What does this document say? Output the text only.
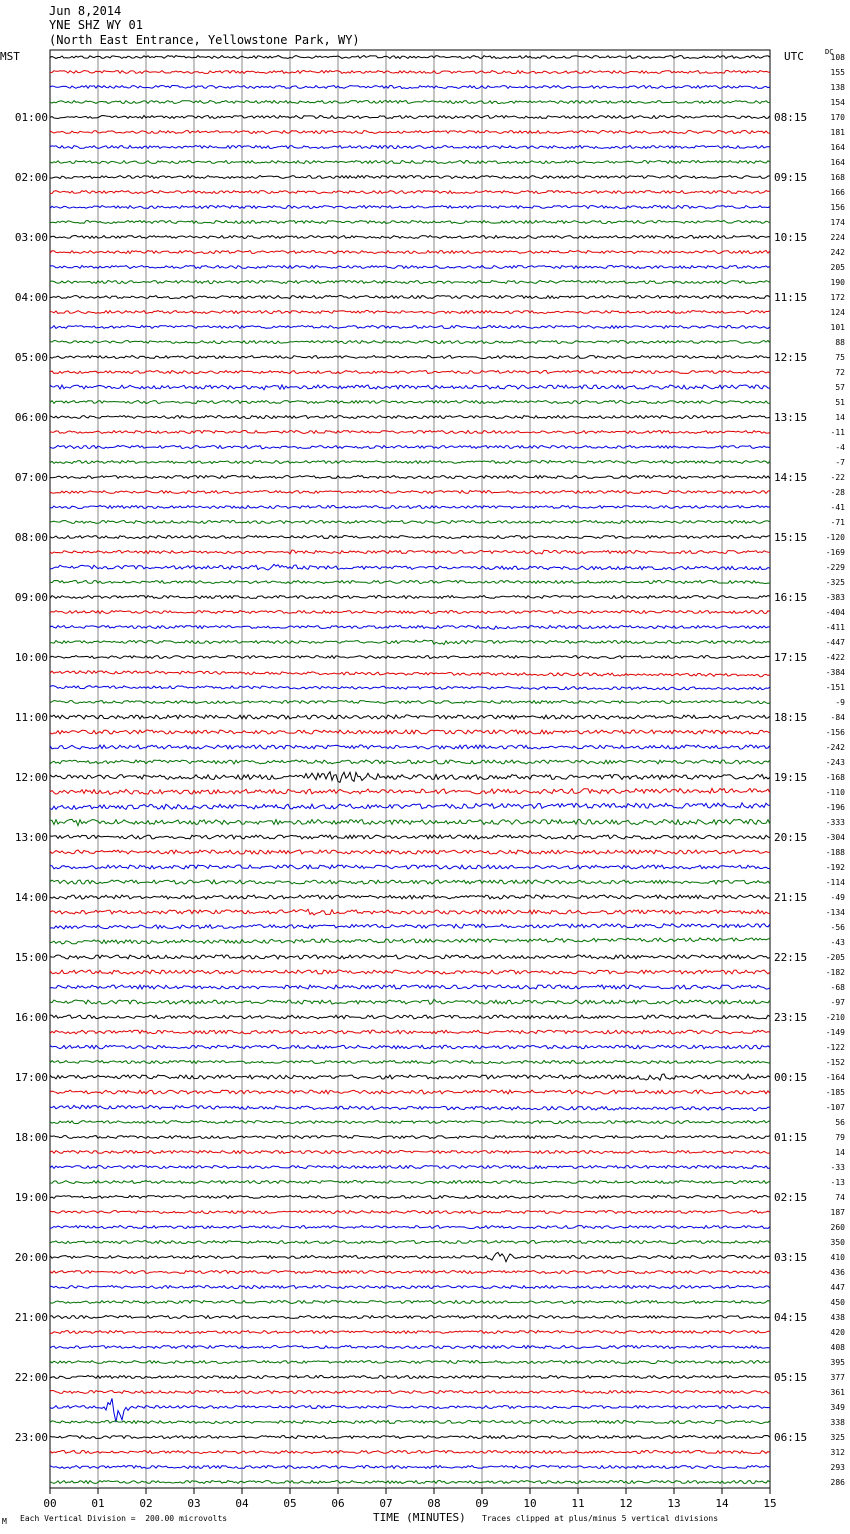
Jun 8,2014
YNE SHZ WY 01
(North East Entrance, Yellowstone Park, WY)
MST	UTC	DC
00	01	02	03	04	05	06	07	08	09	10	11	12	13	14	15
108
155
138
154
170
01:00	08:15
181
164
164
168
02:00	09:15
166
156
174
224
03:00	10:15
242
205
190
172
04:00	11:15
124
101
88
75
05:00	12:15
72
57
51
14
06:00	13:15
-11
-4
-7
-22
07:00	14:15
-28
-41
-71
-120
08:00	15:15
-169
-229
-325
-383
09:00	16:15
-404
-411
-447
-422
10:00	17:15
-384
-151
-9
-84
11:00	18:15
-156
-242
-243
-168
12:00	19:15
-110
-196
-333
-304
13:00	20:15
-188
-192
-114
-49
14:00	21:15
-134
-56
-43
-205
15:00	22:15
-182
-68
-97
-210
16:00	23:15
-149
-122
-152
-164
17:00	00:15
-185
-107
56
79
18:00	01:15
14
-33
-13
74
19:00	02:15
187
260
350
410
20:00	03:15
436
447
450
438
21:00	04:15
420
408
395
377
22:00	05:15
361
349
338
325
23:00	06:15
312
293
286
M Each Vertical Division =  200.00 microvolts	TIME (MINUTES) Traces clipped at plus/minus 5 vertical divisions
